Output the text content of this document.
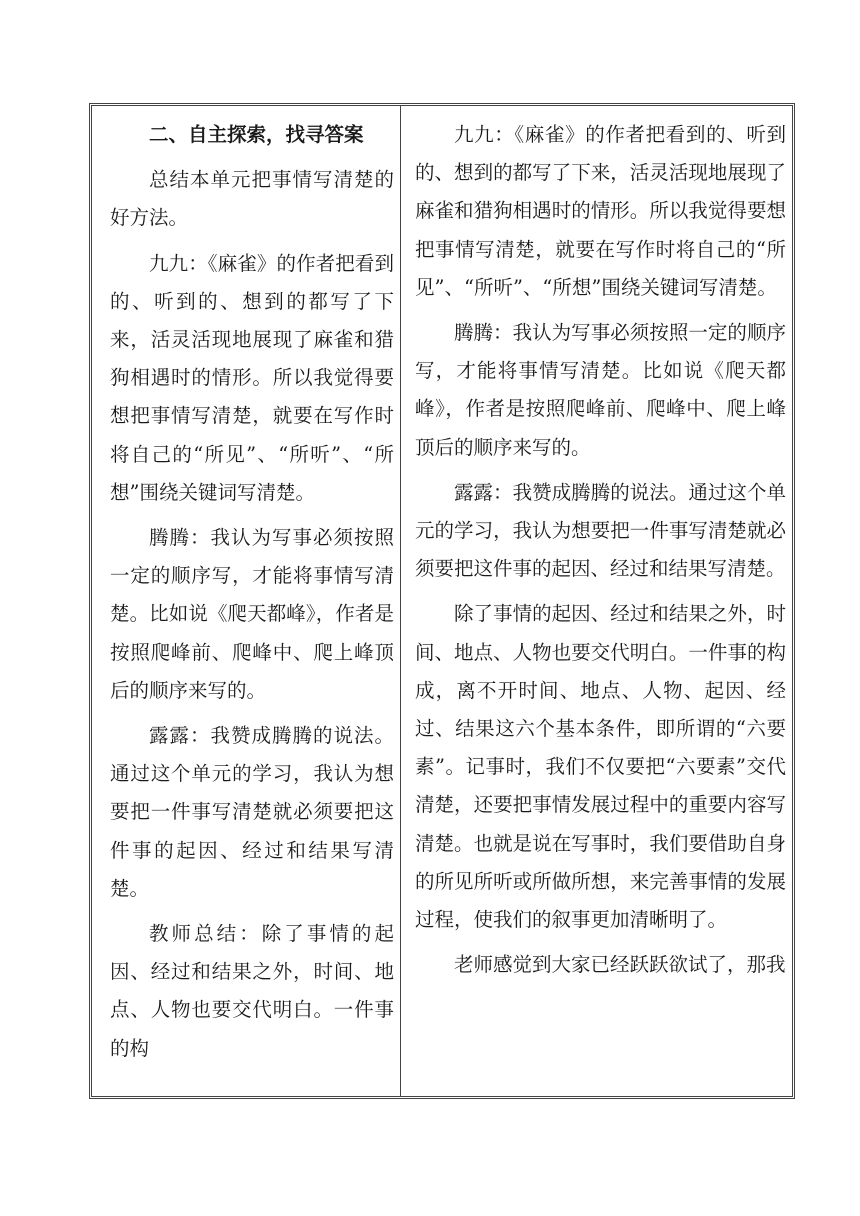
二、自主探索，找寻答案

总结本单元把事情写清楚的好方法。

九九：《麻雀》的作者把看到的、听到的、想到的都写了下来，活灵活现地展现了麻雀和猎狗相遇时的情形。所以我觉得要想把事情写清楚，就要在写作时将自己的“所见”、“所听”、“所想”围绕关键词写清楚。

腾腾：我认为写事必须按照一定的顺序写，才能将事情写清楚。比如说《爬天都峰》，作者是按照爬峰前、爬峰中、爬上峰顶后的顺序来写的。

露露：我赞成腾腾的说法。通过这个单元的学习，我认为想要把一件事写清楚就必须要把这件事的起因、经过和结果写清楚。

教师总结：除了事情的起因、经过和结果之外，时间、地点、人物也要交代明白。一件事的构

九九：《麻雀》的作者把看到的、听到的、想到的都写了下来，活灵活现地展现了麻雀和猎狗相遇时的情形。所以我觉得要想把事情写清楚，就要在写作时将自己的“所见”、“所听”、“所想”围绕关键词写清楚。

腾腾：我认为写事必须按照一定的顺序写，才能将事情写清楚。比如说《爬天都峰》，作者是按照爬峰前、爬峰中、爬上峰顶后的顺序来写的。

露露：我赞成腾腾的说法。通过这个单元的学习，我认为想要把一件事写清楚就必须要把这件事的起因、经过和结果写清楚。

除了事情的起因、经过和结果之外，时间、地点、人物也要交代明白。一件事的构成，离不开时间、地点、人物、起因、经过、结果这六个基本条件，即所谓的“六要素”。记事时，我们不仅要把“六要素”交代清楚，还要把事情发展过程中的重要内容写清楚。也就是说在写事时，我们要借助自身的所见所听或所做所想，来完善事情的发展过程，使我们的叙事更加清晰明了。

老师感觉到大家已经跃跃欲试了，那我
